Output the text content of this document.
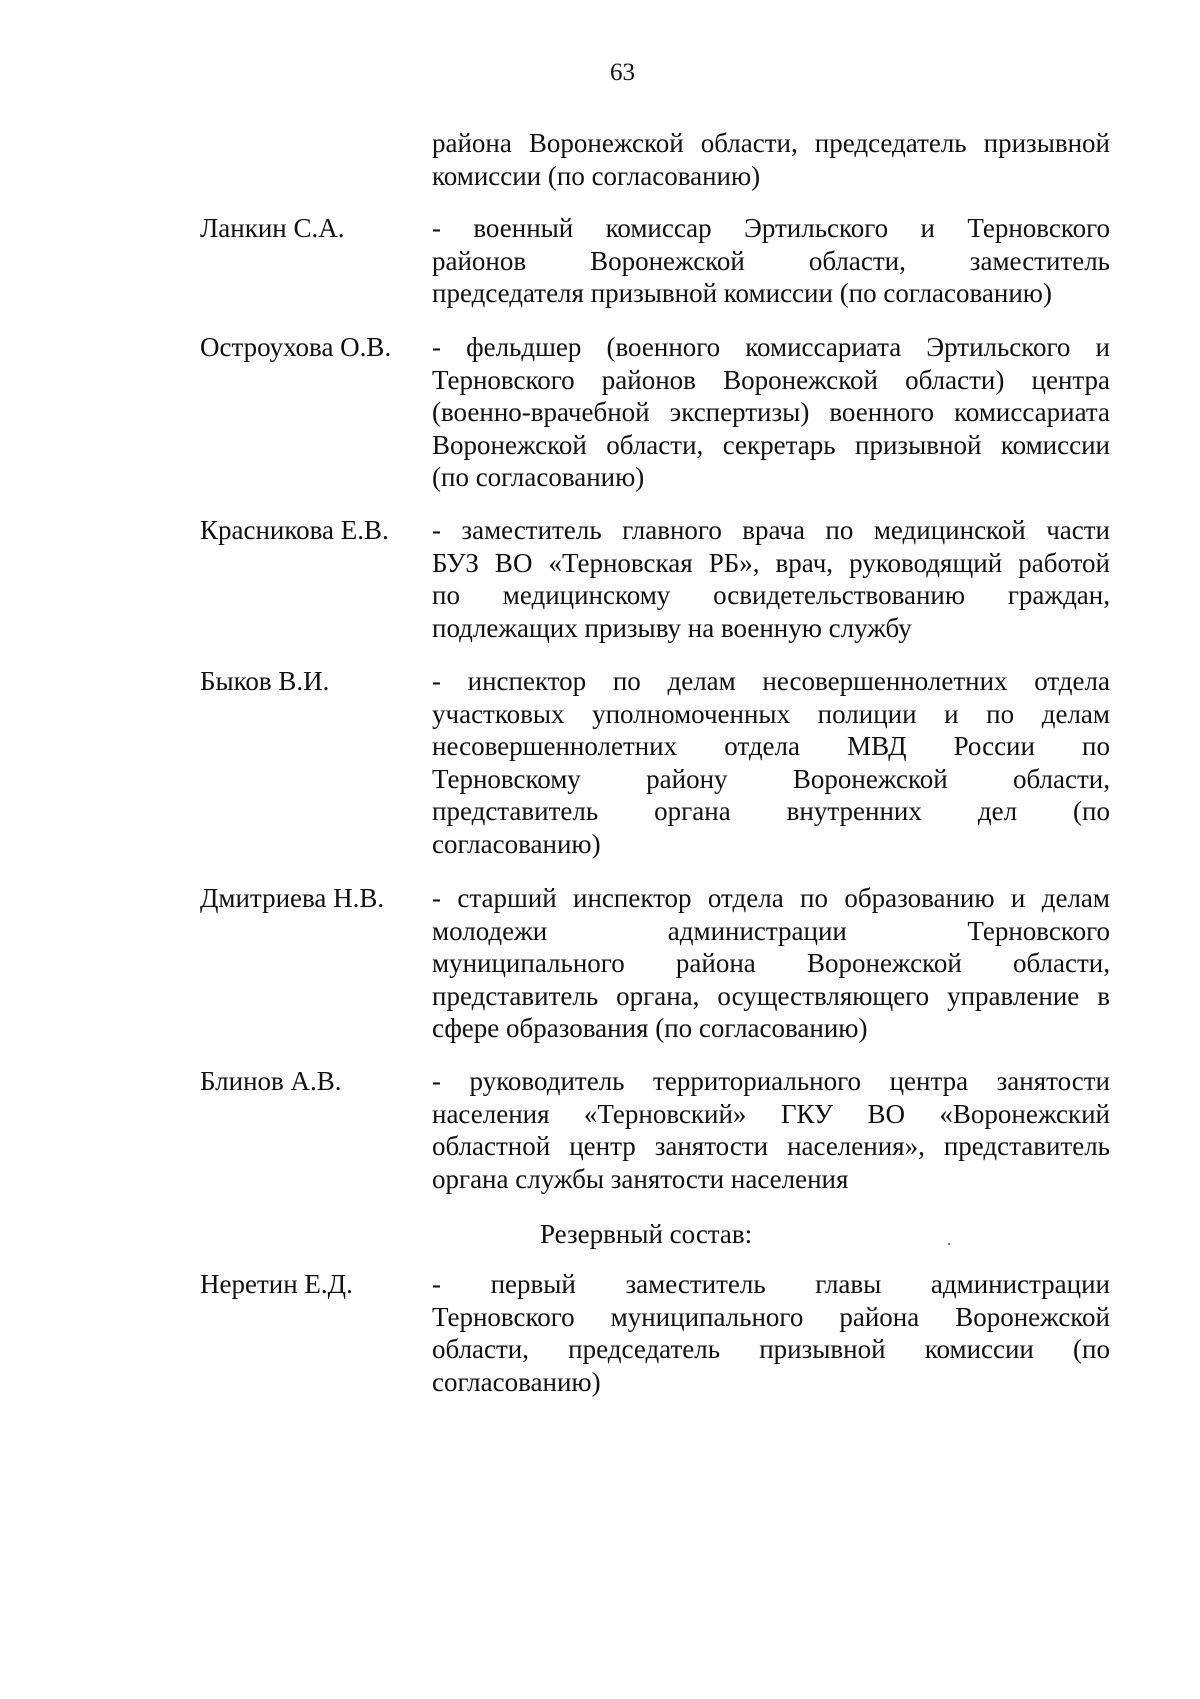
63
района Воронежской области, председатель призывной
комиссии (по согласованию)
Ланкин С.А.	- военный комиссар Эртильского и Терновского
районов Воронежской области, заместитель
председателя призывной комиссии (по согласованию)
Остроухова О.В. - фельдшер (военного комиссариата Эртильского и
Терновского районов Воронежской области) центра
(военно-врачебной экспертизы) военного комиссариата
Воронежской области, секретарь призывной комиссии
(по согласованию)
Красникова Е.В. - заместитель главного врача по медицинской части
БУЗ ВО «Терновская РБ», врач, руководящий работой
по медицинскому освидетельствованию граждан,
подлежащих призыву на военную службу
Быков В.И.	- инспектор по делам несовершеннолетних отдела
участковых уполномоченных полиции и по делам
несовершеннолетних отдела МВД России по
Терновскому району Воронежской области,
представитель органа внутренних дел (по
согласованию)
Дмитриева Н.В. - старший инспектор отдела по образованию и делам
молодежи администрации Терновского
муниципального района Воронежской области,
представитель органа, осуществляющего управление в
сфере образования (по согласованию)
Блинов А.В.	- руководитель территориального центра занятости
населения «Терновский» ГКУ ВО «Воронежский
областной центр занятости населения», представитель
органа службы занятости населения
Резервный состав:
Неретин Е.Д.	- первый заместитель главы администрации
Терновского муниципального района Воронежской
области, председатель призывной комиссии (по
согласованию)
